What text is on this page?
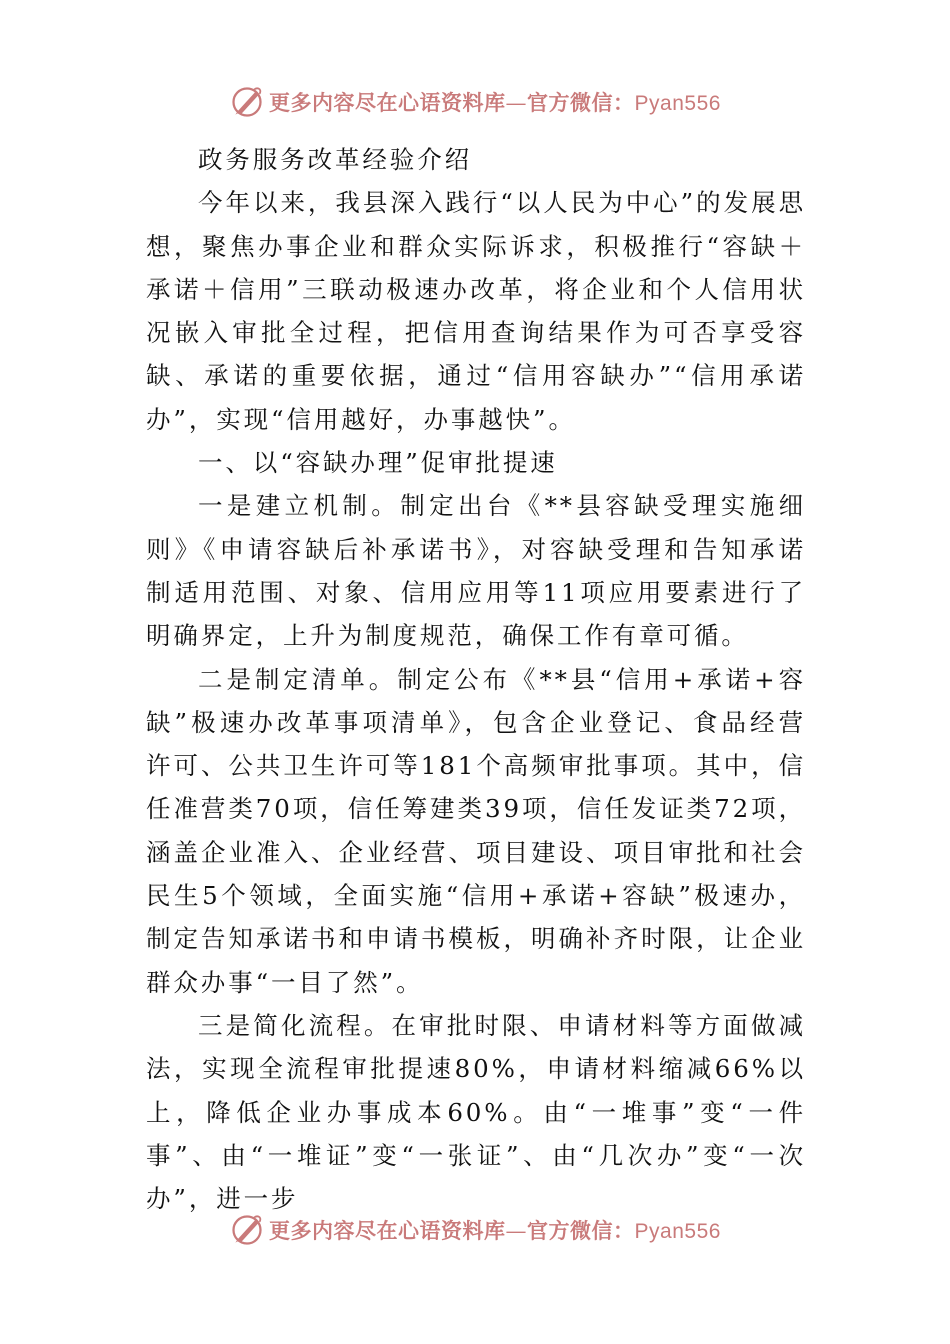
更多内容尽在心语资料库—官方微信：Pyan556

政务服务改革经验介绍

今年以来，我县深入践行“以人民为中心”的发展思想，聚焦办事企业和群众实际诉求，积极推行“容缺＋承诺＋信用”三联动极速办改革，将企业和个人信用状况嵌入审批全过程，把信用查询结果作为可否享受容缺、承诺的重要依据，通过“信用容缺办”“信用承诺办”，实现“信用越好，办事越快”。

一、以“容缺办理”促审批提速

一是建立机制。制定出台《**县容缺受理实施细则》《申请容缺后补承诺书》，对容缺受理和告知承诺制适用范围、对象、信用应用等11项应用要素进行了明确界定，上升为制度规范，确保工作有章可循。

二是制定清单。制定公布《**县“信用+承诺+容缺”极速办改革事项清单》，包含企业登记、食品经营许可、公共卫生许可等181个高频审批事项。其中，信任准营类70项，信任筹建类39项，信任发证类72项，涵盖企业准入、企业经营、项目建设、项目审批和社会民生5个领域，全面实施“信用+承诺+容缺”极速办，制定告知承诺书和申请书模板，明确补齐时限，让企业群众办事“一目了然”。

三是简化流程。在审批时限、申请材料等方面做减法，实现全流程审批提速80%，申请材料缩减66%以上，降低企业办事成本60%。由“一堆事”变“一件事”、由“一堆证”变“一张证”、由“几次办”变“一次办”，进一步

更多内容尽在心语资料库—官方微信：Pyan556
